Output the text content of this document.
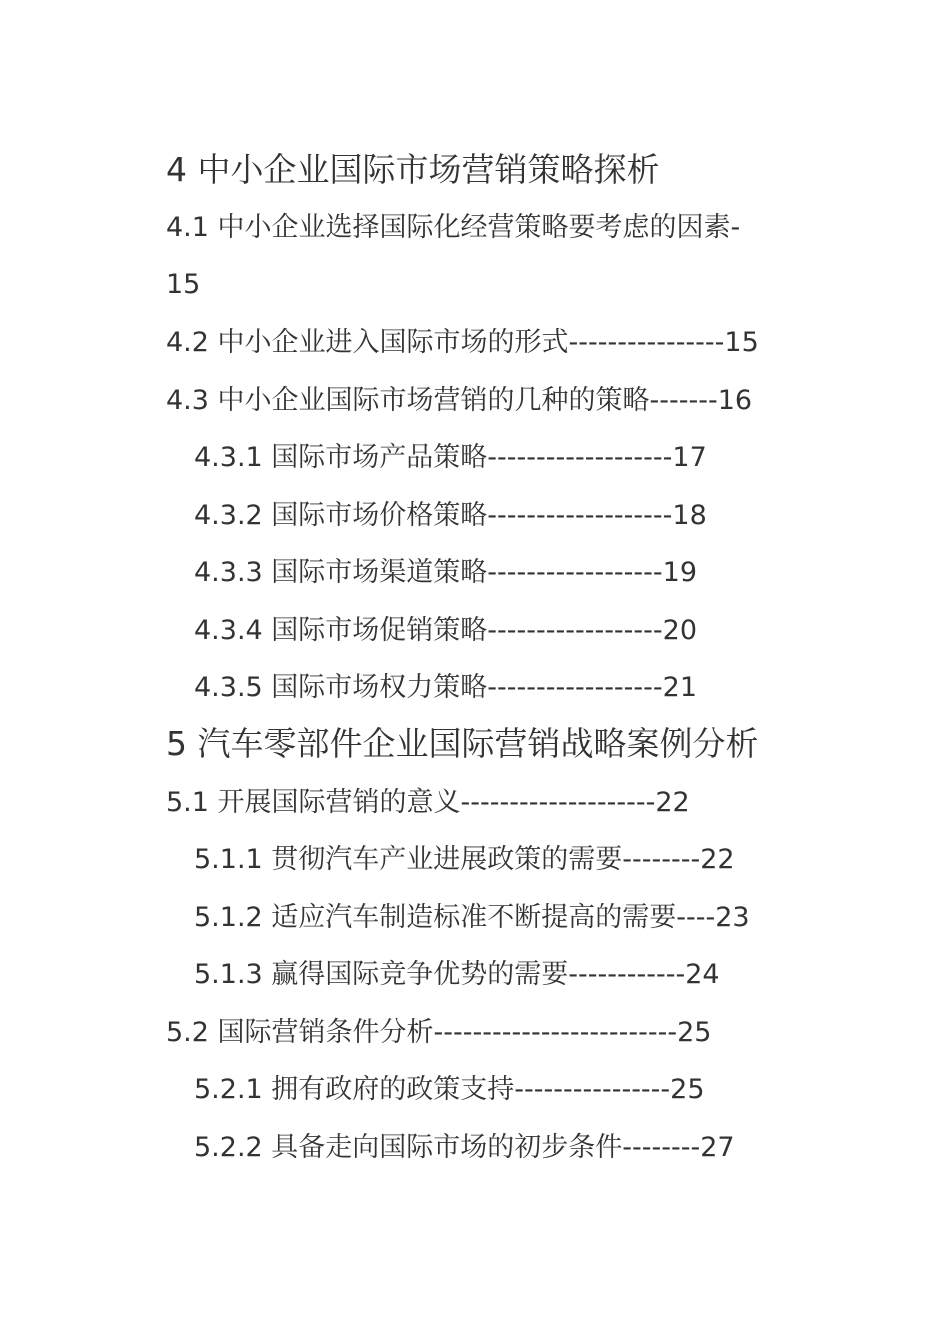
4 中小企业国际市场营销策略探析
4.1 中小企业选择国际化经营策略要考虑的因素-
15
4.2 中小企业进入国际市场的形式----------------15
4.3 中小企业国际市场营销的几种的策略-------16
4.3.1 国际市场产品策略-------------------17
4.3.2 国际市场价格策略-------------------18
4.3.3 国际市场渠道策略------------------19
4.3.4 国际市场促销策略------------------20
4.3.5 国际市场权力策略------------------21
5 汽车零部件企业国际营销战略案例分析
5.1 开展国际营销的意义--------------------22
5.1.1 贯彻汽车产业进展政策的需要--------22
5.1.2 适应汽车制造标准不断提高的需要----23
5.1.3 赢得国际竞争优势的需要------------24
5.2 国际营销条件分析-------------------------25
5.2.1 拥有政府的政策支持----------------25
5.2.2 具备走向国际市场的初步条件--------27
